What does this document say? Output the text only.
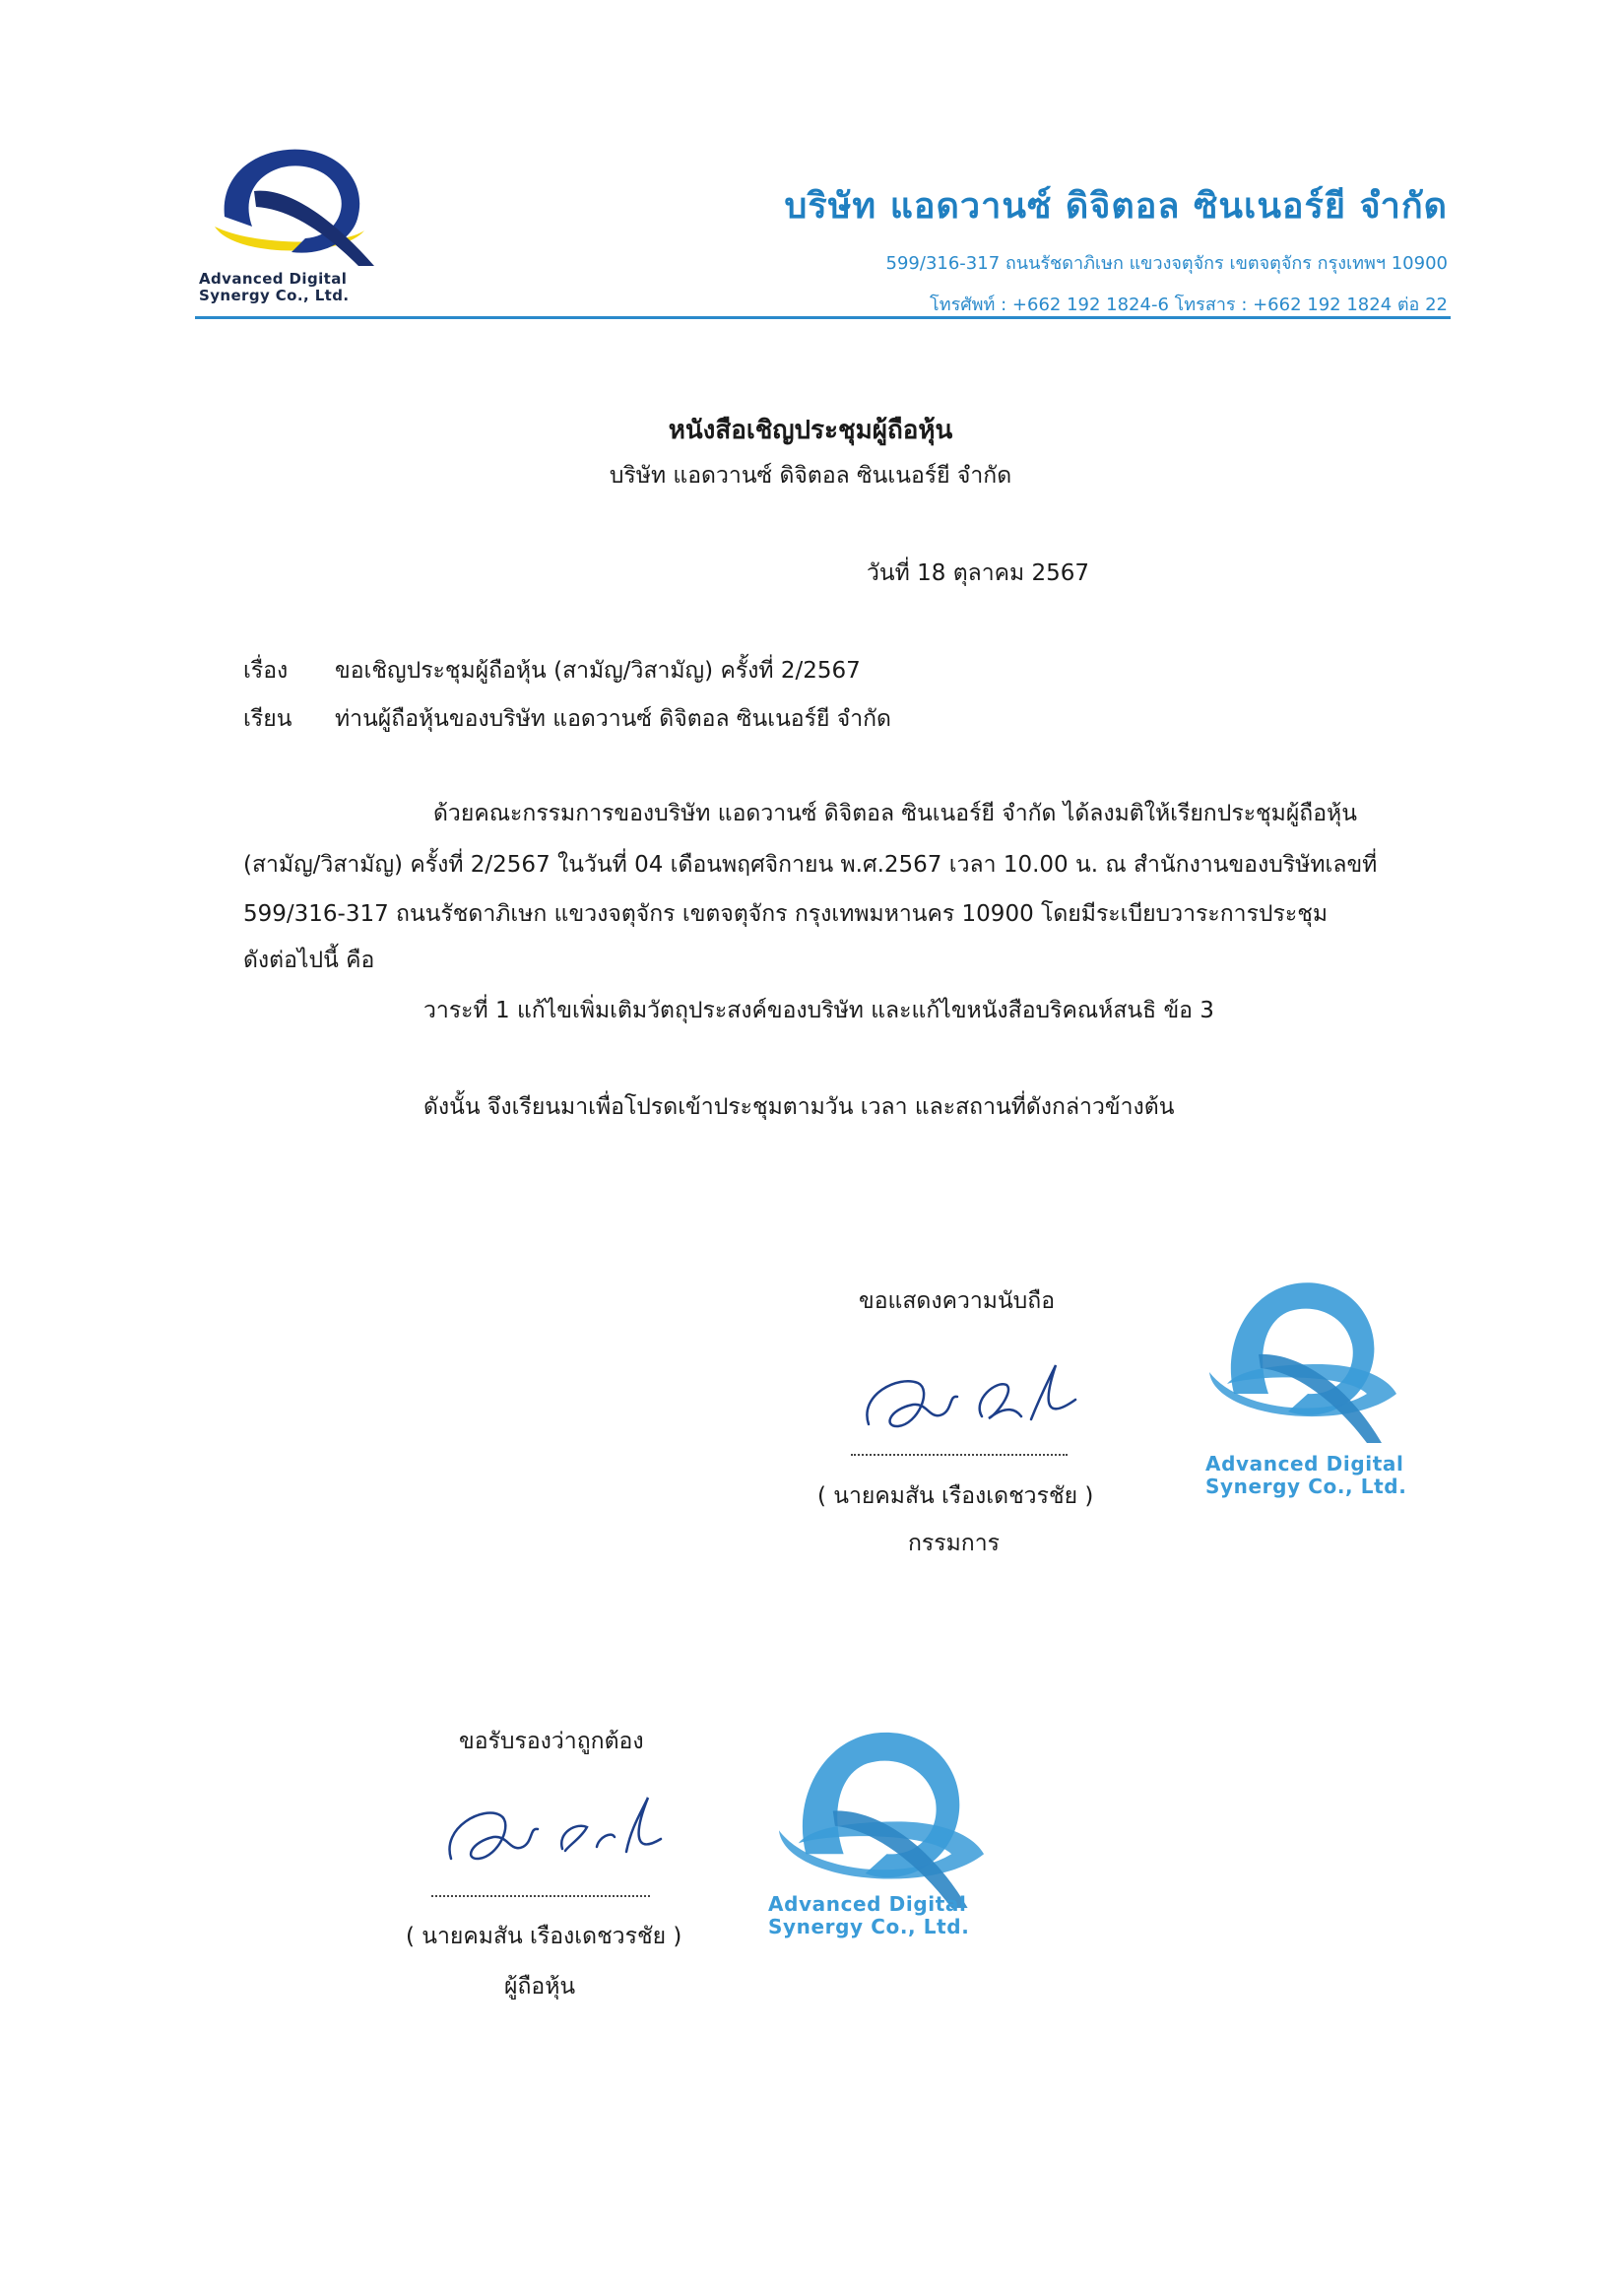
Advanced Digital
Synergy Co., Ltd.
บริษัท แอดวานซ์ ดิจิตอล ซินเนอร์ยี จำกัด
599/316-317 ถนนรัชดาภิเษก แขวงจตุจักร เขตจตุจักร กรุงเทพฯ 10900
โทรศัพท์ : +662 192 1824-6 โทรสาร : +662 192 1824 ต่อ 22
หนังสือเชิญประชุมผู้ถือหุ้น
บริษัท แอดวานซ์ ดิจิตอล ซินเนอร์ยี จำกัด
วันที่ 18 ตุลาคม 2567
เรื่อง ขอเชิญประชุมผู้ถือหุ้น (สามัญ/วิสามัญ) ครั้งที่ 2/2567
เรียน ท่านผู้ถือหุ้นของบริษัท แอดวานซ์ ดิจิตอล ซินเนอร์ยี จำกัด
ด้วยคณะกรรมการของบริษัท แอดวานซ์ ดิจิตอล ซินเนอร์ยี จำกัด ได้ลงมติให้เรียกประชุมผู้ถือหุ้น
(สามัญ/วิสามัญ) ครั้งที่ 2/2567 ในวันที่ 04 เดือนพฤศจิกายน พ.ศ.2567 เวลา 10.00 น. ณ สำนักงานของบริษัทเลขที่
599/316-317 ถนนรัชดาภิเษก แขวงจตุจักร เขตจตุจักร กรุงเทพมหานคร 10900 โดยมีระเบียบวาระการประชุม
ดังต่อไปนี้ คือ
วาระที่ 1 แก้ไขเพิ่มเติมวัตถุประสงค์ของบริษัท และแก้ไขหนังสือบริคณห์สนธิ ข้อ 3
ดังนั้น จึงเรียนมาเพื่อโปรดเข้าประชุมตามวัน เวลา และสถานที่ดังกล่าวข้างต้น
ขอแสดงความนับถือ
( นายคมสัน เรืองเดชวรชัย )
กรรมการ
Advanced Digital
Synergy Co., Ltd.
ขอรับรองว่าถูกต้อง
( นายคมสัน เรืองเดชวรชัย )
ผู้ถือหุ้น
Advanced Digital
Synergy Co., Ltd.
